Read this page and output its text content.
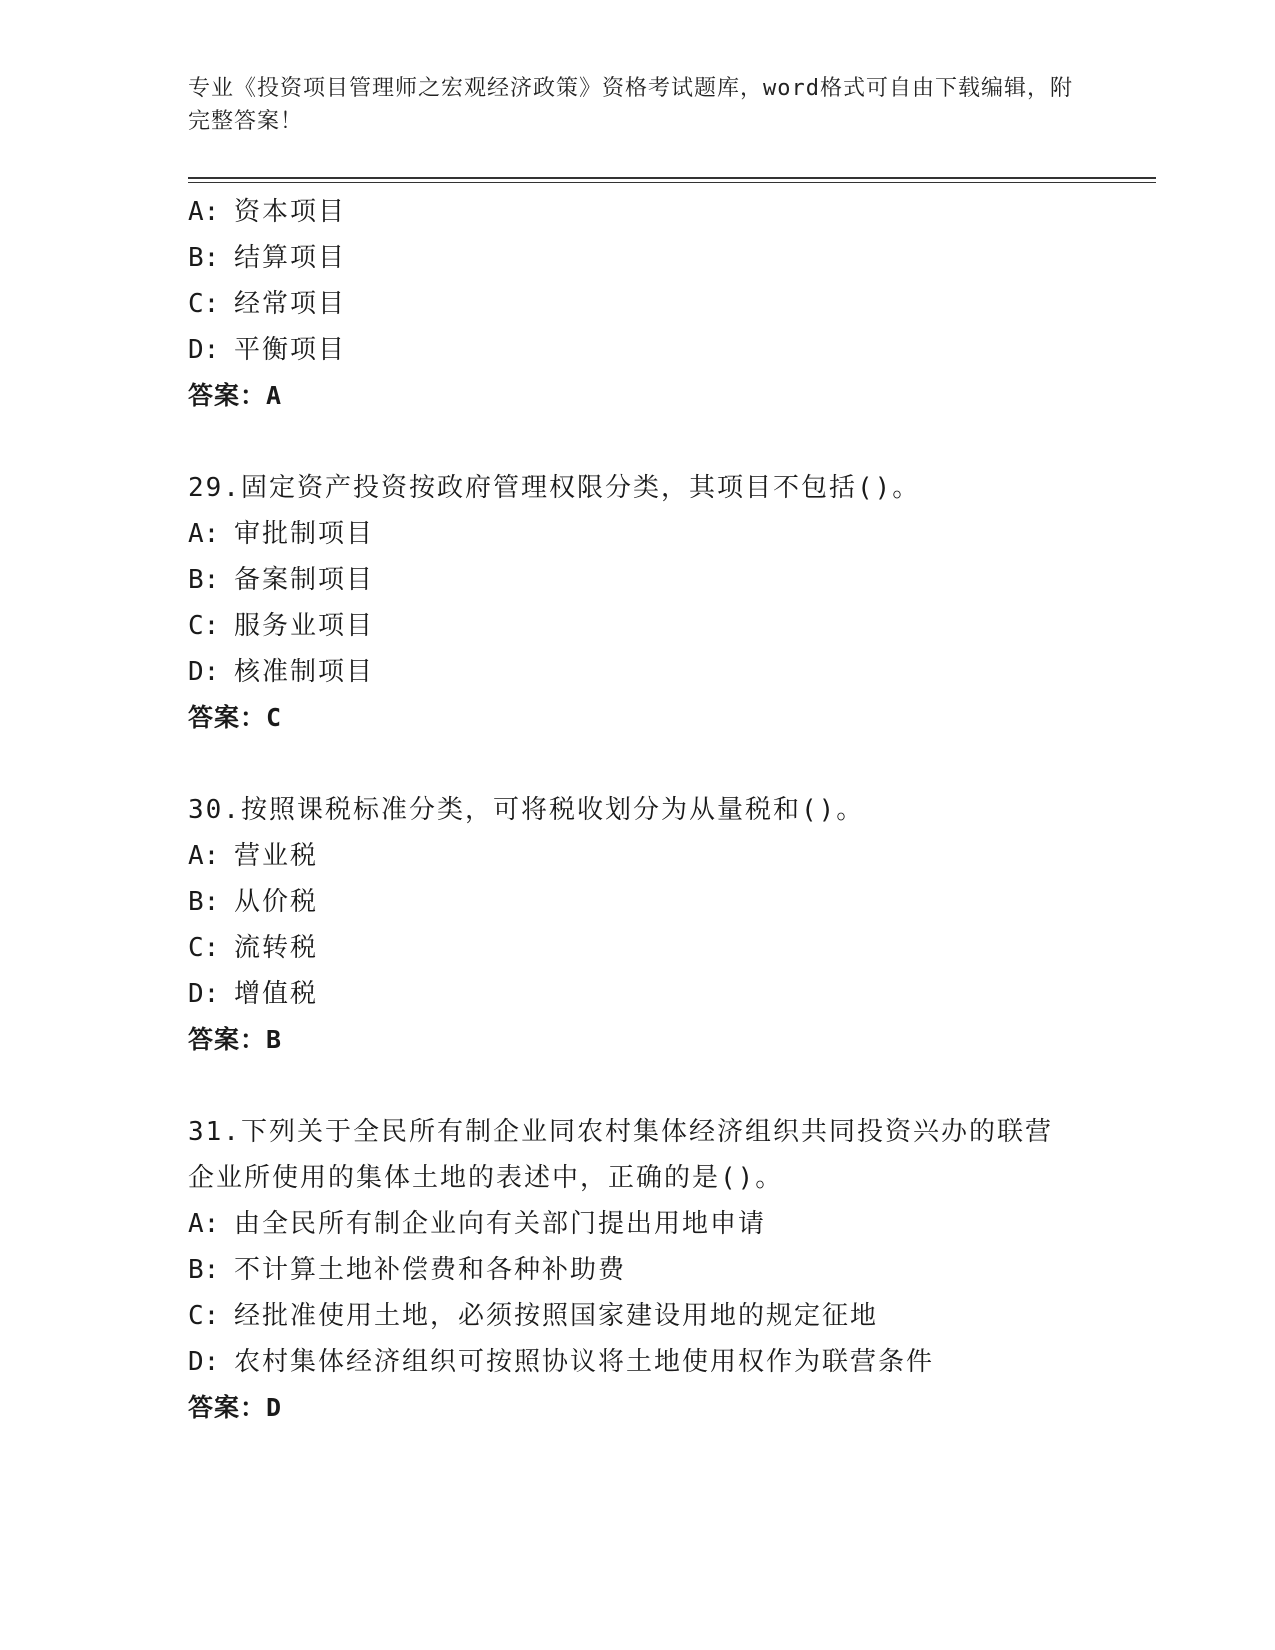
专业《投资项目管理师之宏观经济政策》资格考试题库，word格式可自由下载编辑，附完整答案！
A: 资本项目
B: 结算项目
C: 经常项目
D: 平衡项目
答案：A
29.固定资产投资按政府管理权限分类，其项目不包括()。
A: 审批制项目
B: 备案制项目
C: 服务业项目
D: 核准制项目
答案：C
30.按照课税标准分类，可将税收划分为从量税和()。
A: 营业税
B: 从价税
C: 流转税
D: 增值税
答案：B
31.下列关于全民所有制企业同农村集体经济组织共同投资兴办的联营企业所使用的集体土地的表述中，正确的是()。
A: 由全民所有制企业向有关部门提出用地申请
B: 不计算土地补偿费和各种补助费
C: 经批准使用土地，必须按照国家建设用地的规定征地
D: 农村集体经济组织可按照协议将土地使用权作为联营条件
答案：D
